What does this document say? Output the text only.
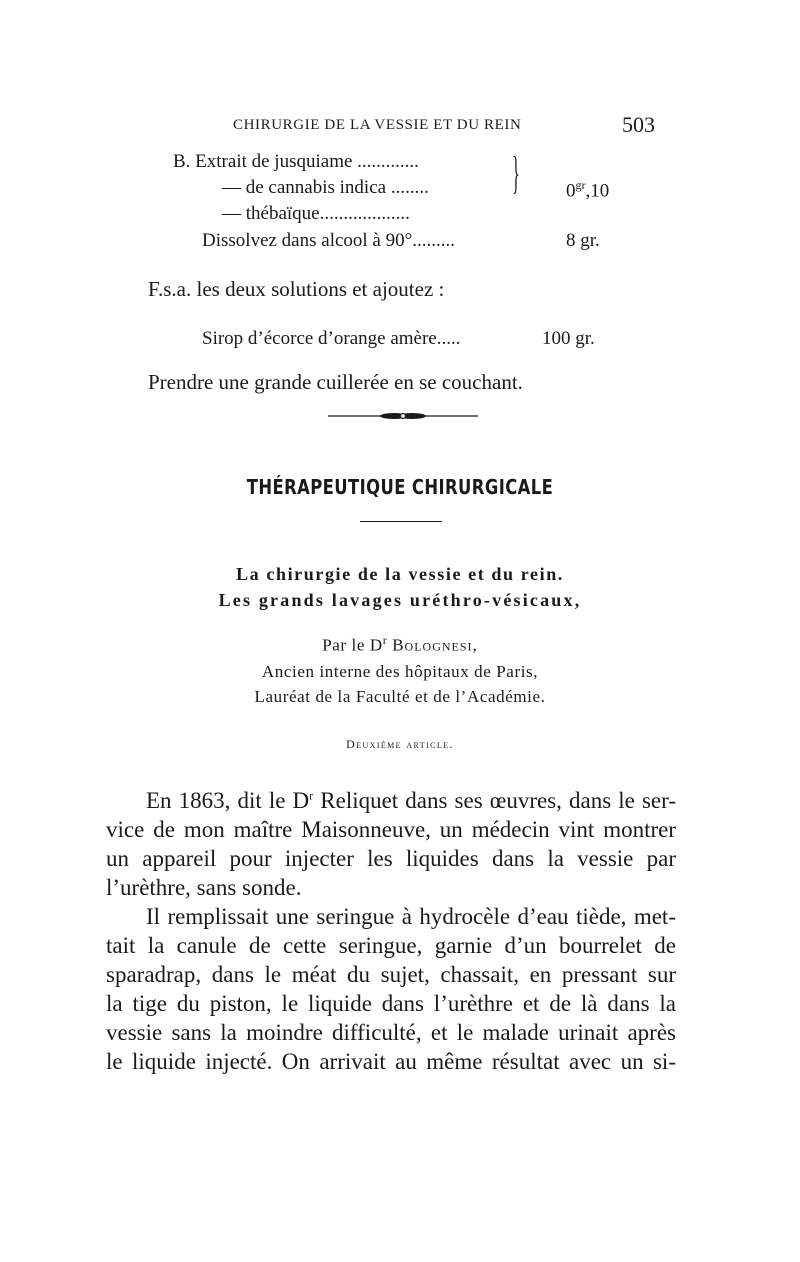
CHIRURGIE DE LA VESSIE ET DU REIN	503
B. Extrait de jusquiame .............
— de cannabis indica ........
— thébaïque...................
} $0^{gr},10$
Dissolvez dans alcool à 90°.........	8 gr.
F.s.a. les deux solutions et ajoutez :
Sirop d’écorce d’orange amère.....	100 gr.
Prendre une grande cuillerée en se couchant.
THÉRAPEUTIQUE CHIRURGICALE
La chirurgie de la vessie et du rein.
Les grands lavages uréthro-vésicaux,
Par le $D^r$ Bolognesi,
Ancien interne des hôpitaux de Paris,
Lauréat de la Faculté et de l’Académie.
Deuxième article.
En 1863, dit le $D^r$ Reliquet dans ses œuvres, dans le ser-
vice de mon maître Maisonneuve, un médecin vint montrer
un appareil pour injecter les liquides dans la vessie par
l’urèthre, sans sonde.
Il remplissait une seringue à hydrocèle d’eau tiède, met-
tait la canule de cette seringue, garnie d’un bourrelet de
sparadrap, dans le méat du sujet, chassait, en pressant sur
la tige du piston, le liquide dans l’urèthre et de là dans la
vessie sans la moindre difficulté, et le malade urinait après
le liquide injecté. On arrivait au même résultat avec un si-
